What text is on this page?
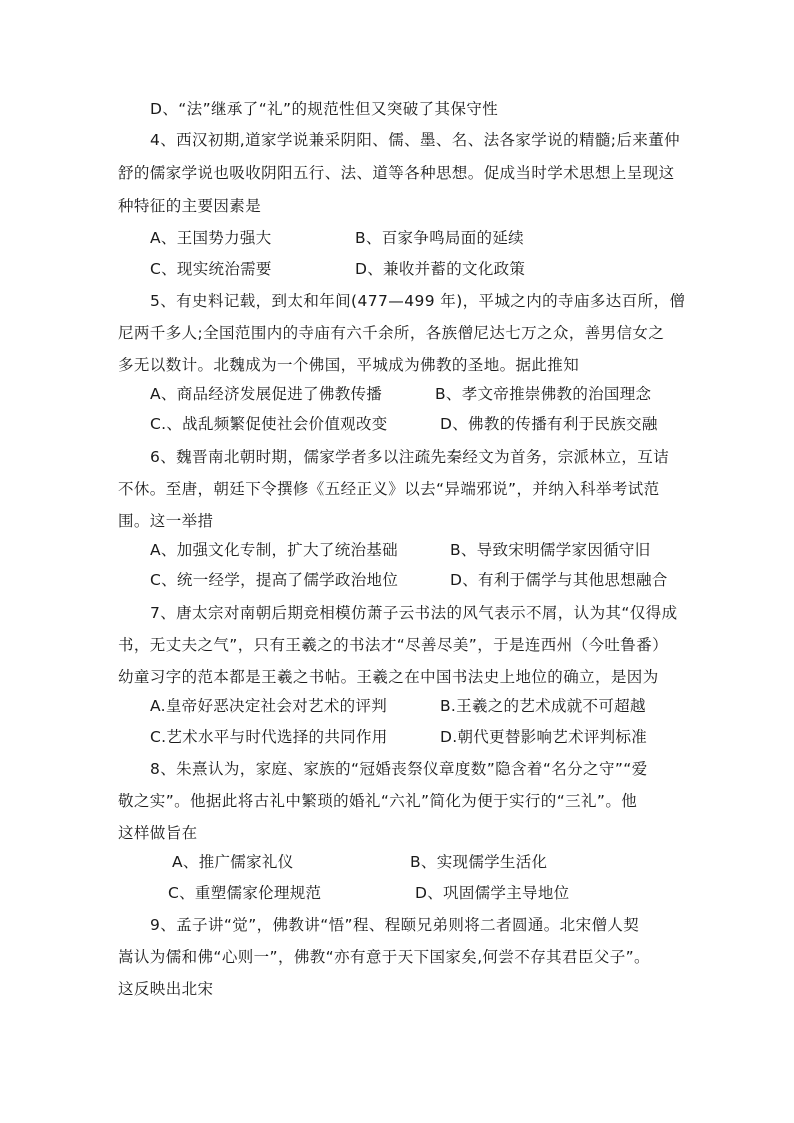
D、“法”继承了“礼”的规范性但又突破了其保守性
4、西汉初期,道家学说兼采阴阳、儒、墨、名、法各家学说的精髓;后来董仲
舒的儒家学说也吸收阴阳五行、法、道等各种思想。促成当时学术思想上呈现这
种特征的主要因素是
A、王国势力强大	B、百家争鸣局面的延续
C、现实统治需要	D、兼收并蓄的文化政策
5、有史料记载，到太和年间(477—499 年)，平城之内的寺庙多达百所，僧
尼两千多人;全国范围内的寺庙有六千余所，各族僧尼达七万之众，善男信女之
多无以数计。北魏成为一个佛国，平城成为佛教的圣地。据此推知
A、商品经济发展促进了佛教传播	B、孝文帝推崇佛教的治国理念
C.、战乱频繁促使社会价值观改变	D、佛教的传播有利于民族交融
6、魏晋南北朝时期，儒家学者多以注疏先秦经文为首务，宗派林立，互诘
不休。至唐，朝廷下令撰修《五经正义》以去“异端邪说”，并纳入科举考试范
围。这一举措
A、加强文化专制，扩大了统治基础	B、导致宋明儒学家因循守旧
C、统一经学，提高了儒学政治地位	D、有利于儒学与其他思想融合
7、唐太宗对南朝后期竞相模仿萧子云书法的风气表示不屑，认为其“仅得成
书，无丈夫之气”，只有王羲之的书法才“尽善尽美”，于是连西州（今吐鲁番）
幼童习字的范本都是王羲之书帖。王羲之在中国书法史上地位的确立，是因为
A.皇帝好恶决定社会对艺术的评判	B.王羲之的艺术成就不可超越
C.艺术水平与时代选择的共同作用	D.朝代更替影响艺术评判标准
8、朱熹认为，家庭、家族的“冠婚丧祭仪章度数”隐含着“名分之守”“爱
敬之实”。他据此将古礼中繁琐的婚礼“六礼”简化为便于实行的“三礼”。他
这样做旨在
A、推广儒家礼仪	B、实现儒学生活化
C、重塑儒家伦理规范	D、巩固儒学主导地位
9、孟子讲“觉”，佛教讲“悟”程、程颐兄弟则将二者圆通。北宋僧人契
嵩认为儒和佛“心则一”，佛教“亦有意于天下国家矣,何尝不存其君臣父子”。
这反映出北宋
